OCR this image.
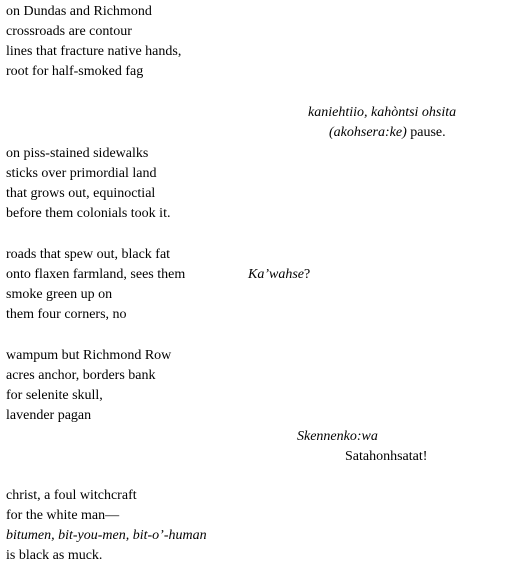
on Dundas and Richmond
crossroads are contour
lines that fracture native hands,
root for half-smoked fag
kaniehtiio, kahòntsi ohsita
(akohsera:ke) pause.
on piss-stained sidewalks
sticks over primordial land
that grows out, equinoctial
before them colonials took it.
roads that spew out, black fat
onto flaxen farmland, sees them
smoke green up on
them four corners, no
Ka’wahse?
wampum but Richmond Row
acres anchor, borders bank
for selenite skull,
lavender pagan
Skennenko:wa
Satahonhsatat!
christ, a foul witchcraft
for the white man—
bitumen, bit-you-men, bit-o’-human
is black as muck.
